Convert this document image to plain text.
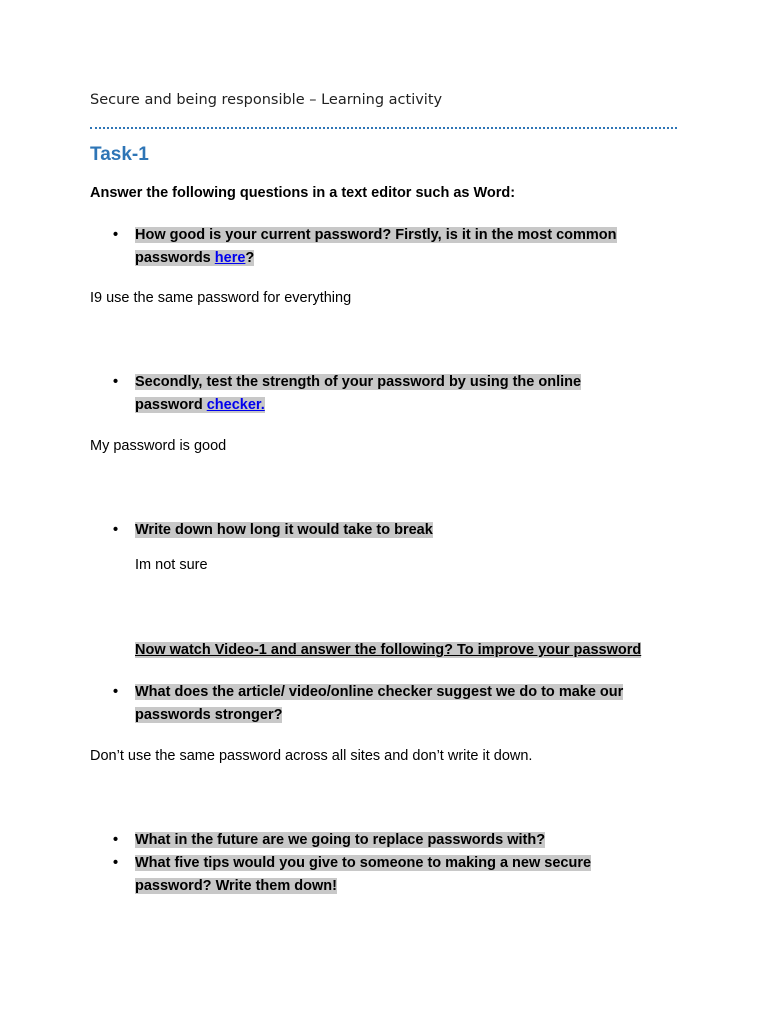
Secure and being responsible – Learning activity
Task-1
Answer the following questions in a text editor such as Word:
•	How good is your current password? Firstly, is it in the most common
passwords here?
I9 use the same password for everything
•	Secondly, test the strength of your password by using the online
password checker.
My password is good
•	Write down how long it would take to break
Im not sure
Now watch Video-1 and answer the following? To improve your password
•	What does the article/ video/online checker suggest we do to make our
passwords stronger?
Don’t use the same password across all sites and don’t write it down.
•	What in the future are we going to replace passwords with?
•	What five tips would you give to someone to making a new secure
password? Write them down!
